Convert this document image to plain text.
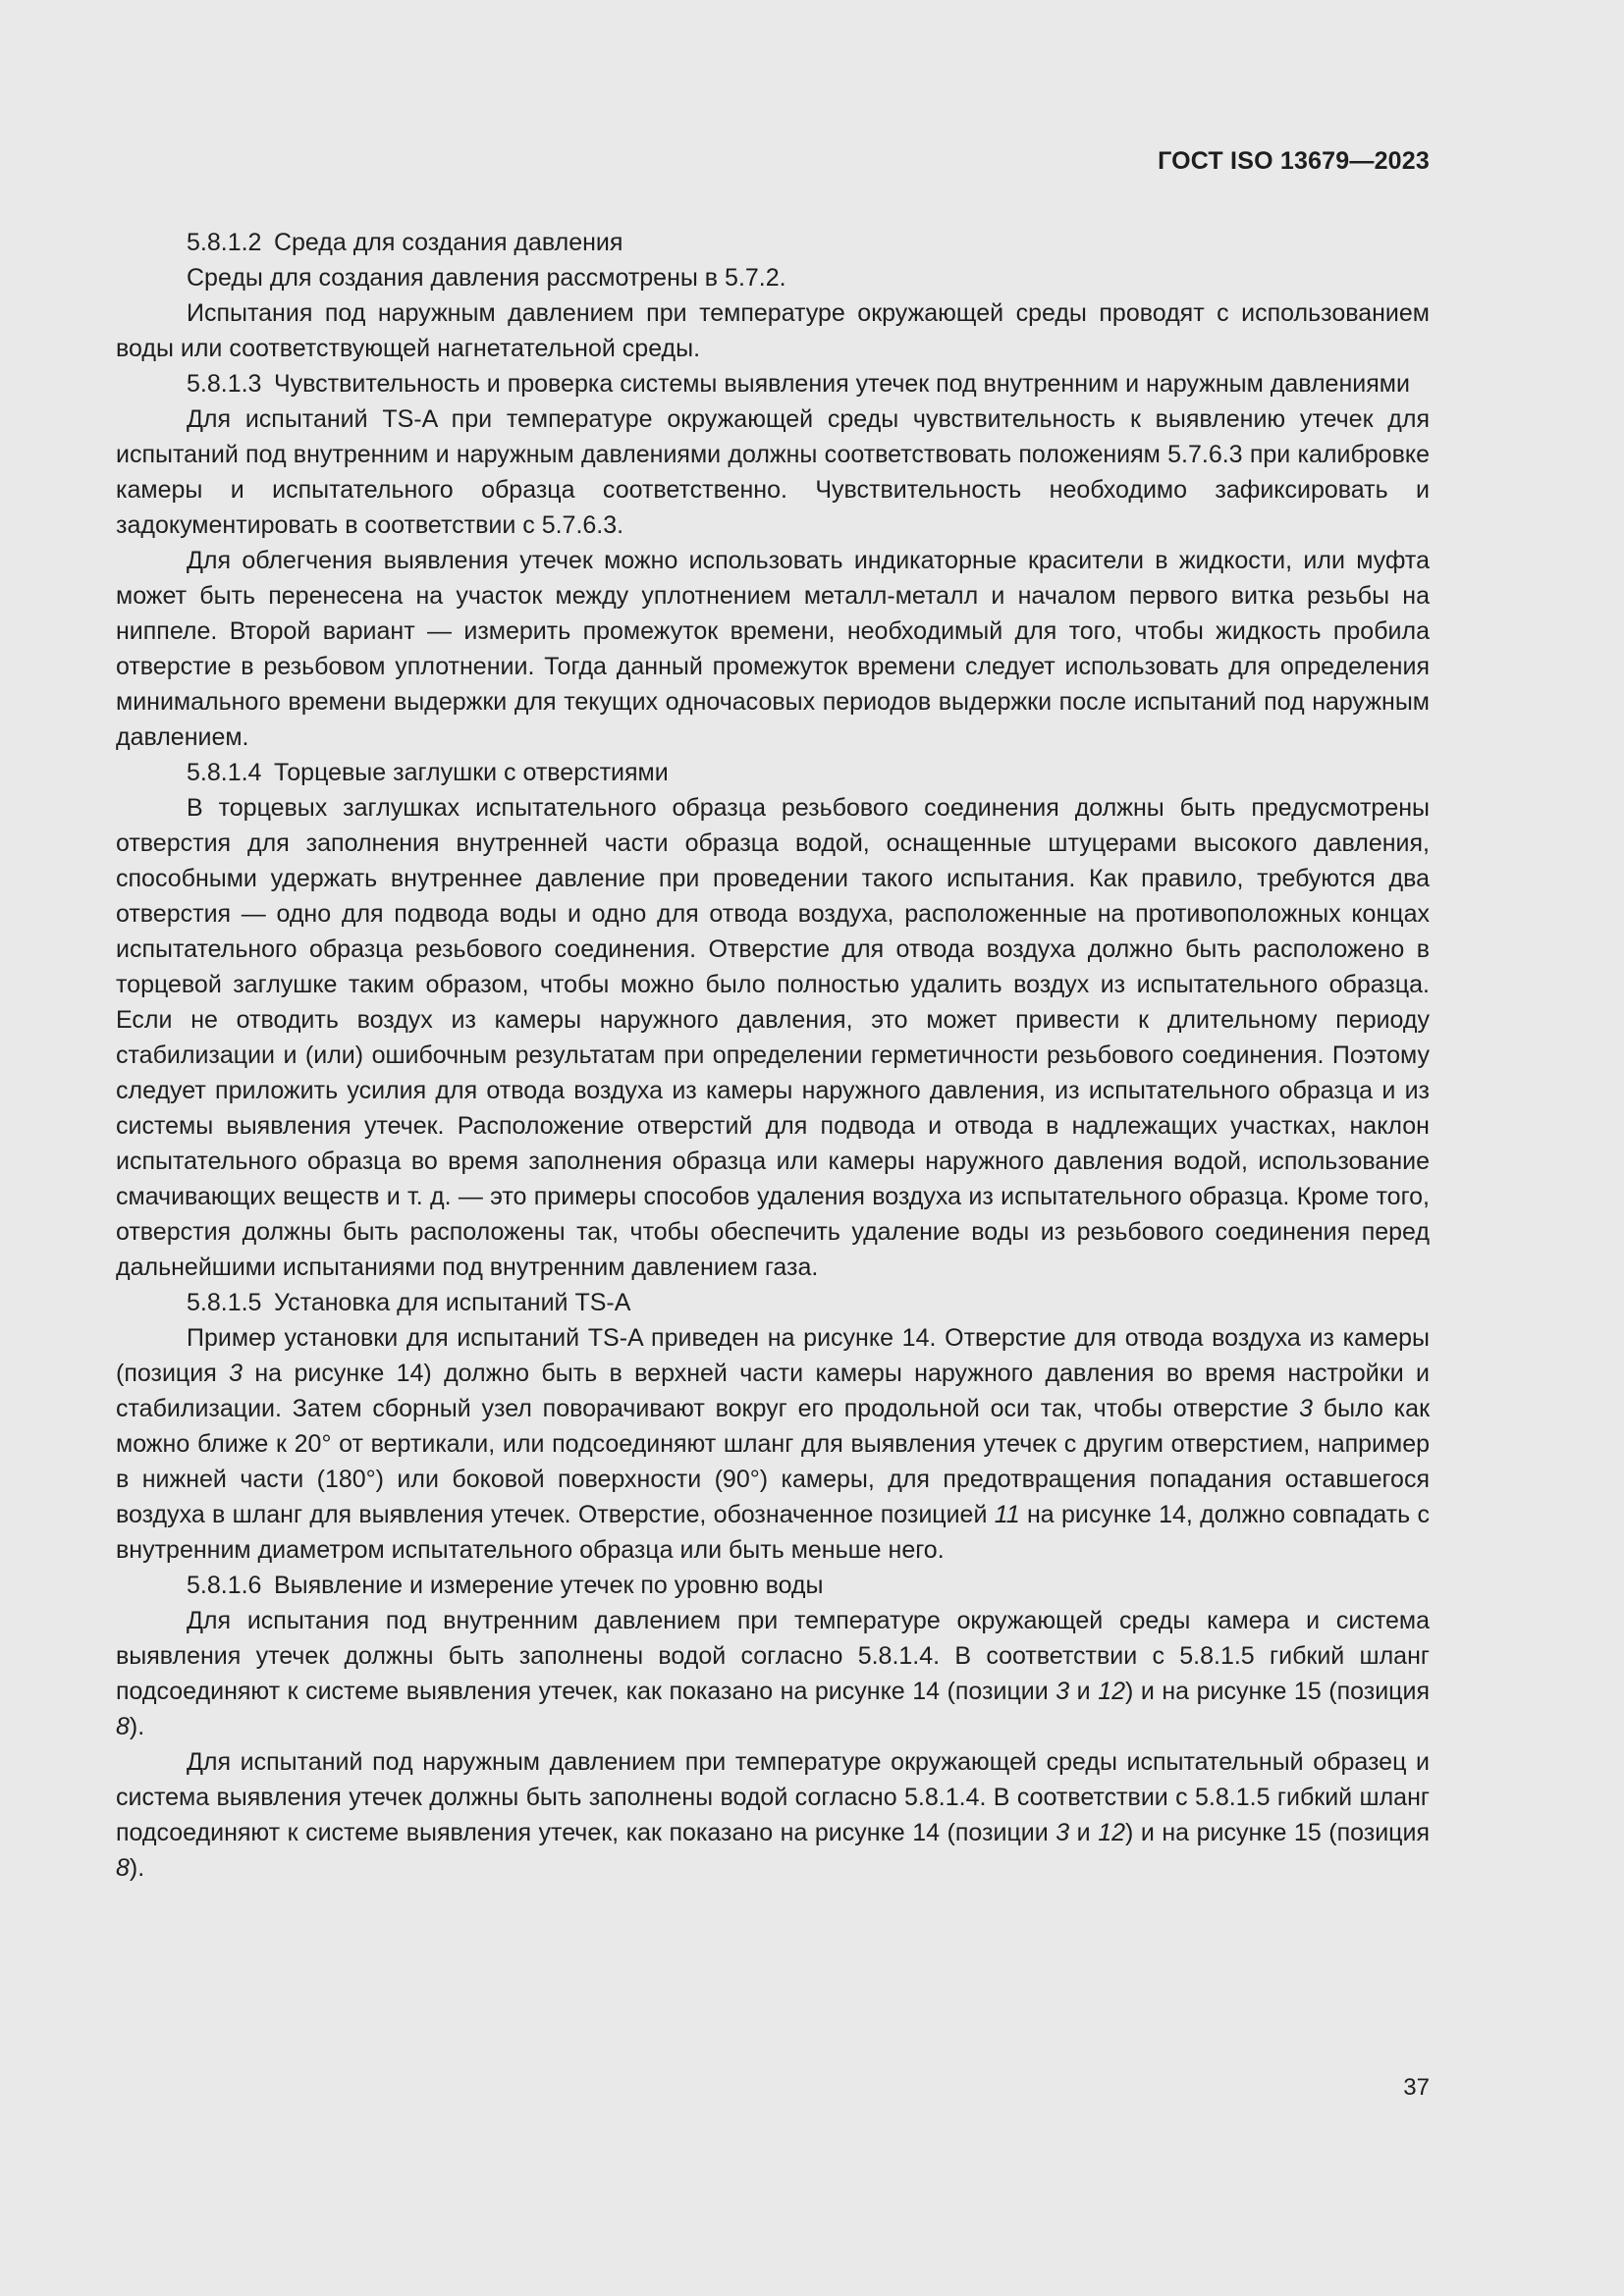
ГОСТ ISO 13679—2023

5.8.1.2  Среда для создания давления

Среды для создания давления рассмотрены в 5.7.2.

Испытания под наружным давлением при температуре окружающей среды проводят с использованием воды или соответствующей нагнетательной среды.

5.8.1.3  Чувствительность и проверка системы выявления утечек под внутренним и наружным давлениями

Для испытаний TS-A при температуре окружающей среды чувствительность к выявлению утечек для испытаний под внутренним и наружным давлениями должны соответствовать положениям 5.7.6.3 при калибровке камеры и испытательного образца соответственно. Чувствительность необходимо зафиксировать и задокументировать в соответствии с 5.7.6.3.

Для облегчения выявления утечек можно использовать индикаторные красители в жидкости, или муфта может быть перенесена на участок между уплотнением металл-металл и началом первого витка резьбы на ниппеле. Второй вариант — измерить промежуток времени, необходимый для того, чтобы жидкость пробила отверстие в резьбовом уплотнении. Тогда данный промежуток времени следует использовать для определения минимального времени выдержки для текущих одночасовых периодов выдержки после испытаний под наружным давлением.

5.8.1.4  Торцевые заглушки с отверстиями

В торцевых заглушках испытательного образца резьбового соединения должны быть предусмотрены отверстия для заполнения внутренней части образца водой, оснащенные штуцерами высокого давления, способными удержать внутреннее давление при проведении такого испытания. Как правило, требуются два отверстия — одно для подвода воды и одно для отвода воздуха, расположенные на противоположных концах испытательного образца резьбового соединения. Отверстие для отвода воздуха должно быть расположено в торцевой заглушке таким образом, чтобы можно было полностью удалить воздух из испытательного образца. Если не отводить воздух из камеры наружного давления, это может привести к длительному периоду стабилизации и (или) ошибочным результатам при определении герметичности резьбового соединения. Поэтому следует приложить усилия для отвода воздуха из камеры наружного давления, из испытательного образца и из системы выявления утечек. Расположение отверстий для подвода и отвода в надлежащих участках, наклон испытательного образца во время заполнения образца или камеры наружного давления водой, использование смачивающих веществ и т. д. — это примеры способов удаления воздуха из испытательного образца. Кроме того, отверстия должны быть расположены так, чтобы обеспечить удаление воды из резьбового соединения перед дальнейшими испытаниями под внутренним давлением газа.

5.8.1.5  Установка для испытаний TS-A

Пример установки для испытаний TS-A приведен на рисунке 14. Отверстие для отвода воздуха из камеры (позиция 3 на рисунке 14) должно быть в верхней части камеры наружного давления во время настройки и стабилизации. Затем сборный узел поворачивают вокруг его продольной оси так, чтобы отверстие 3 было как можно ближе к 20° от вертикали, или подсоединяют шланг для выявления утечек с другим отверстием, например в нижней части (180°) или боковой поверхности (90°) камеры, для предотвращения попадания оставшегося воздуха в шланг для выявления утечек. Отверстие, обозначенное позицией 11 на рисунке 14, должно совпадать с внутренним диаметром испытательного образца или быть меньше него.

5.8.1.6  Выявление и измерение утечек по уровню воды

Для испытания под внутренним давлением при температуре окружающей среды камера и система выявления утечек должны быть заполнены водой согласно 5.8.1.4. В соответствии с 5.8.1.5 гибкий шланг подсоединяют к системе выявления утечек, как показано на рисунке 14 (позиции 3 и 12) и на рисунке 15 (позиция 8).

Для испытаний под наружным давлением при температуре окружающей среды испытательный образец и система выявления утечек должны быть заполнены водой согласно 5.8.1.4. В соответствии с 5.8.1.5 гибкий шланг подсоединяют к системе выявления утечек, как показано на рисунке 14 (позиции 3 и 12) и на рисунке 15 (позиция 8).

37
